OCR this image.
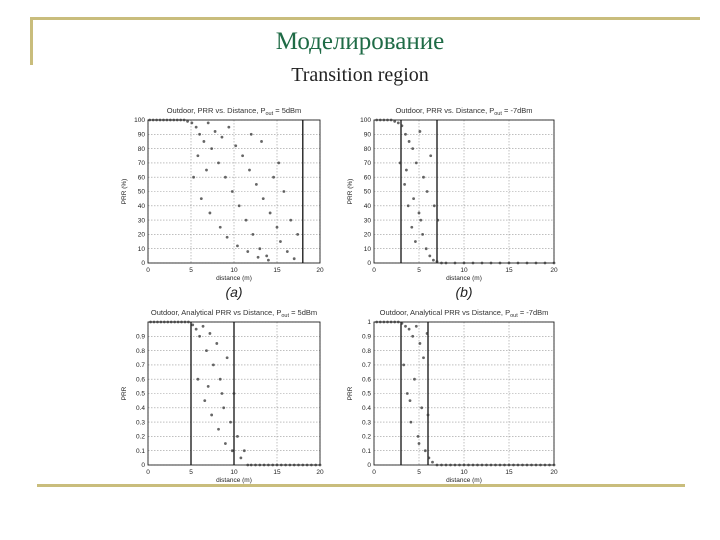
Моделирование
Transition region
Outdoor, PRR vs. Distance, $P_{out} = 5dBm$
0	5	10	15	20
0
10
20
30
40
50
60
70
80
90
100
distance (m)
PRR (%)
(a)
Outdoor, PRR vs. Distance, $P_{out} = -7dBm$
0	5	10	15	20
0
10
20
30
40
50
60
70
80
90
100
distance (m)
PRR (%)
(b)
Outdoor, Analytical PRR vs Distance, $P_{out} = 5dBm$
0	5	10	15	20
0
0.1
0.2
0.3
0.4
0.5
0.6
0.7
0.8
0.9
distance (m)
PRR
Outdoor, Analytical PRR vs Distance, $P_{out} = -7dBm$
0	5	10	15	20
0
0.1
0.2
0.3
0.4
0.5
0.6
0.7
0.8
0.9
1
distance (m)
PRR
